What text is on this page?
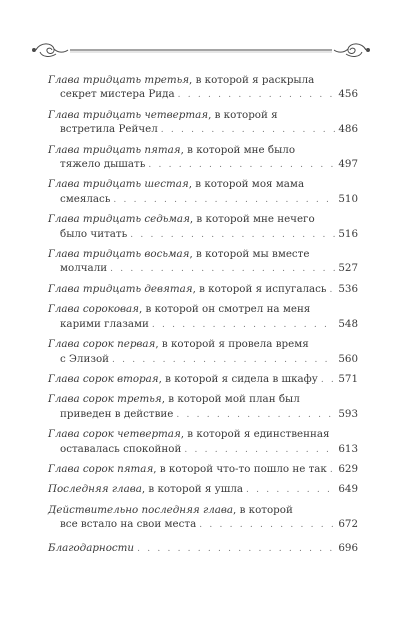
Глава тридцать третья, в которой я раскрыла
секрет мистера Рида . . .	456
Глава тридцать четвертая, в которой я
встретила Рейчел . . .	486
Глава тридцать пятая, в которой мне было
тяжело дышать . . .	497
Глава тридцать шестая, в которой моя мама
смеялась . . .	510
Глава тридцать седьмая, в которой мне нечего
было читать . . .	516
Глава тридцать восьмая, в которой мы вместе
молчали . . .	527
Глава тридцать девятая, в которой я испугалась . . . 536
Глава сороковая, в которой он смотрел на меня
карими глазами . . .	548
Глава сорок первая, в которой я провела время
с Элизой . . .	560
Глава сорок вторая, в которой я сидела в шкафу . . . 571
Глава сорок третья, в которой мой план был
приведен в действие . . .	593
Глава сорок четвертая, в которой я единственная
оставалась спокойной . . .	613
Глава сорок пятая, в которой что-то пошло не так . . . 629
Последняя глава, в которой я ушла . . .	649
Действительно последняя глава, в которой
все встало на свои места . . .	672
Благодарности . . .	696
